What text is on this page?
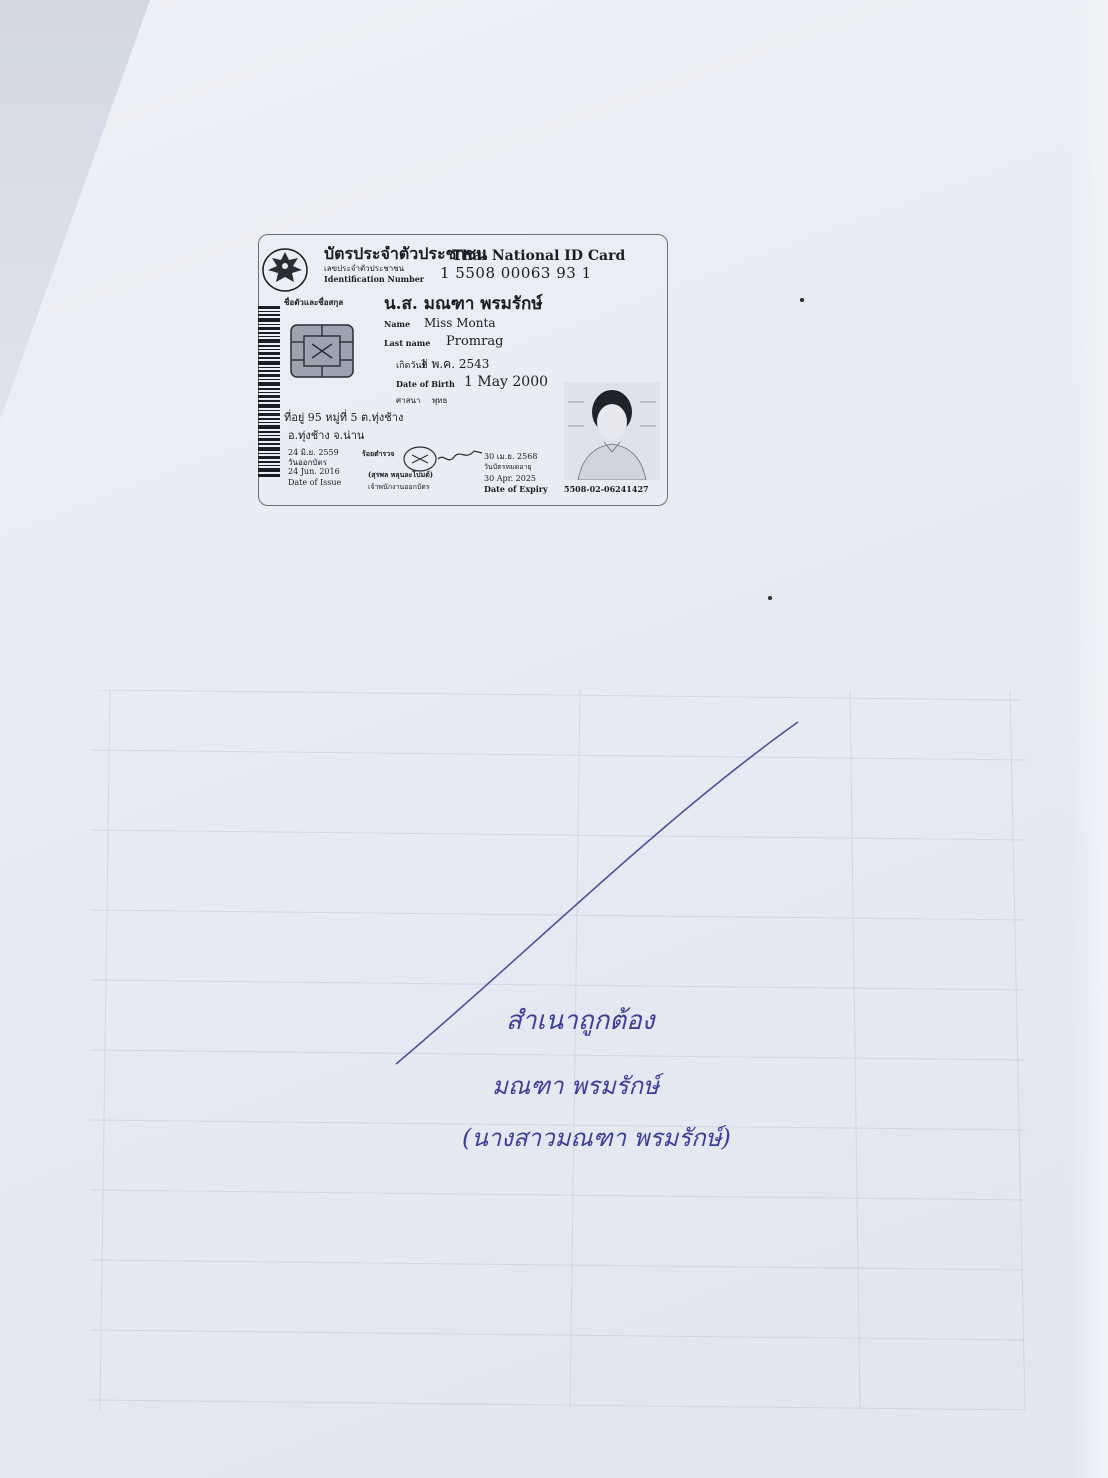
บัตรประจำตัวประชาชน
Thai National ID Card
เลขประจำตัวประชาชน
Identification Number 1 5508 00063 93 1
ชื่อตัวและชื่อสกุล น.ส. มณฑา พรมรักษ์
Name Miss Monta
Last name Promrag
เกิดวันที่
1 พ.ค. 2543
Date of Birth 1 May 2000
ศาสนา พุทธ
ที่อยู่ 95 หมู่ที่ 5 ต.ทุ่งช้าง
อ.ทุ่งช้าง จ.น่าน
24 มิ.ย. 2559
วันออกบัตร
24 Jun. 2016
Date of Issue
ร้อยตำรวจ
(สุรพล หลุนละโปมต์)
เจ้าพนักงานออกบัตร
30 เม.ย. 2568
วันบัตรหมดอายุ
30 Apr. 2025
Date of Expiry 5508-02-06241427
สำเนาถูกต้อง
มณฑา พรมรักษ์
(นางสาวมณฑา พรมรักษ์)
